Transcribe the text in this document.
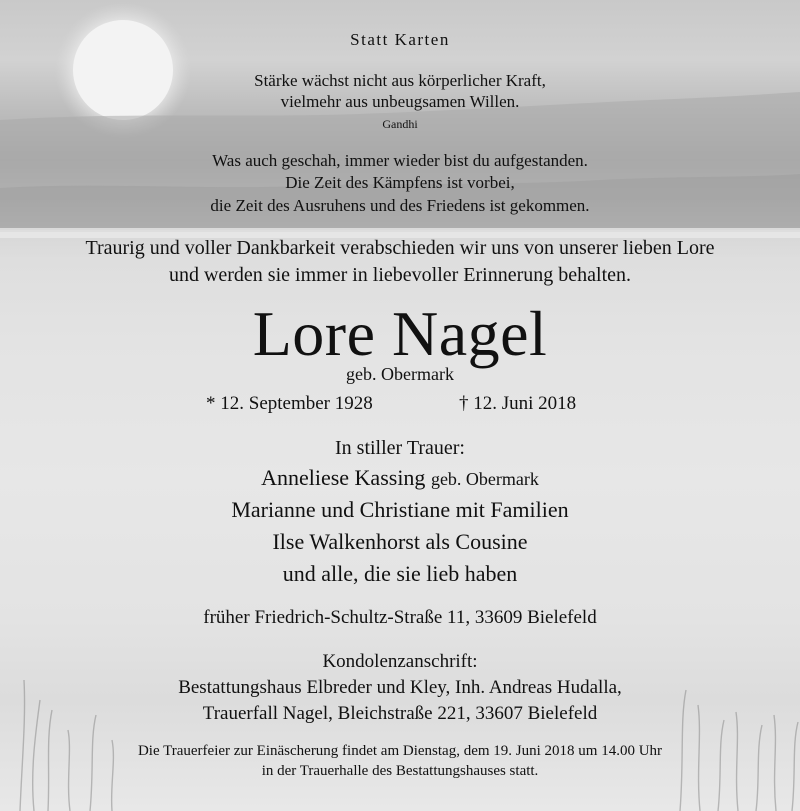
Statt Karten
Stärke wächst nicht aus körperlicher Kraft,
vielmehr aus unbeugsamen Willen.
Gandhi
Was auch geschah, immer wieder bist du aufgestanden.
Die Zeit des Kämpfens ist vorbei,
die Zeit des Ausruhens und des Friedens ist gekommen.
Traurig und voller Dankbarkeit verabschieden wir uns von unserer lieben Lore
und werden sie immer in liebevoller Erinnerung behalten.
Lore Nagel
geb. Obermark
* 12. September 1928	† 12. Juni 2018
In stiller Trauer:
Anneliese Kassing geb. Obermark
Marianne und Christiane mit Familien
Ilse Walkenhorst als Cousine
und alle, die sie lieb haben
früher Friedrich-Schultz-Straße 11, 33609 Bielefeld
Kondolenzanschrift:
Bestattungshaus Elbreder und Kley, Inh. Andreas Hudalla,
Trauerfall Nagel, Bleichstraße 221, 33607 Bielefeld
Die Trauerfeier zur Einäscherung findet am Dienstag, dem 19. Juni 2018 um 14.00 Uhr
in der Trauerhalle des Bestattungshauses statt.
